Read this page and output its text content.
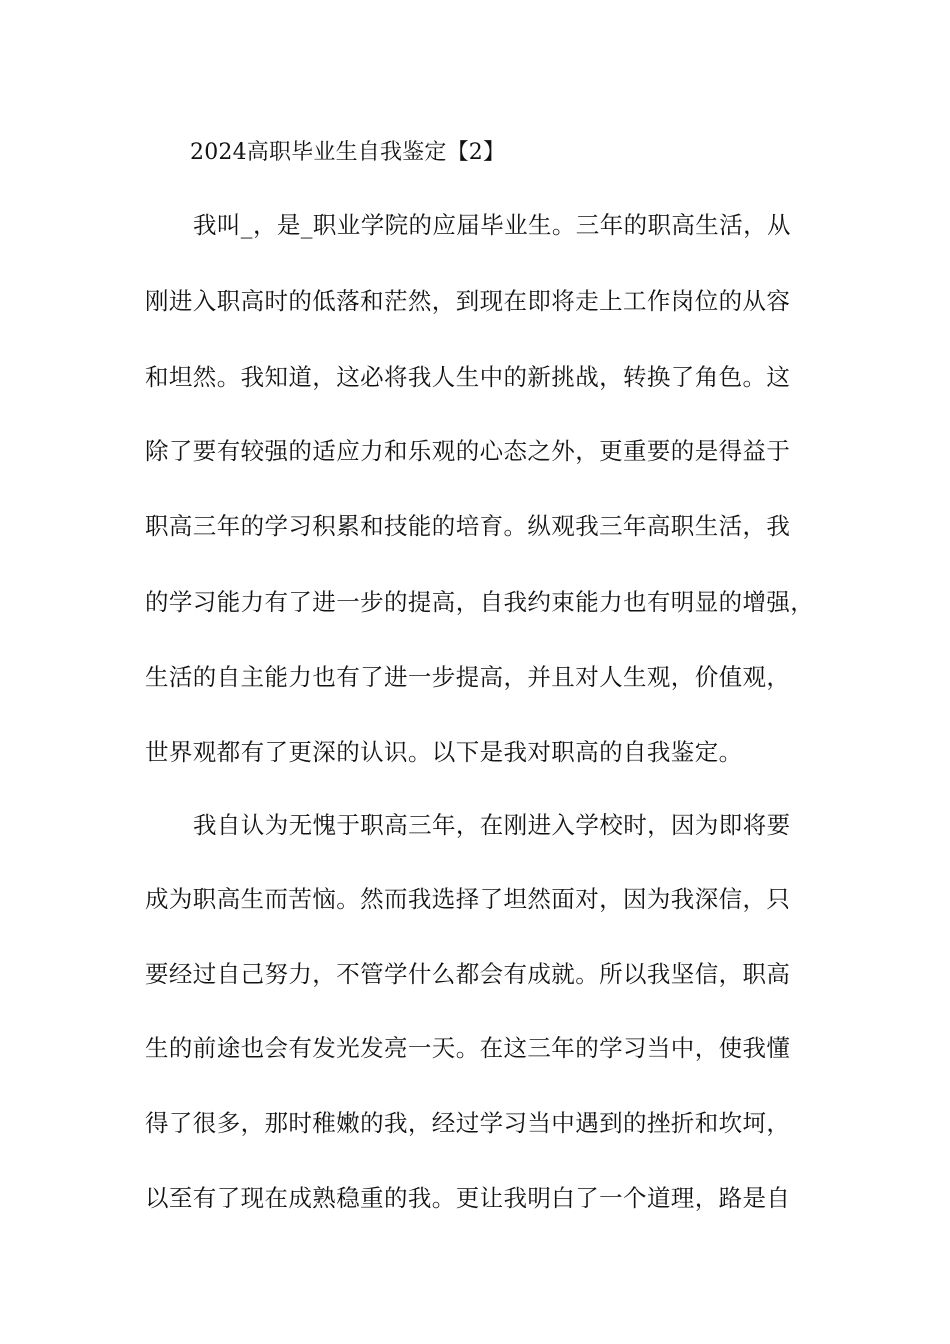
2024高职毕业生自我鉴定【2】
我叫_，是_职业学院的应届毕业生。三年的职高生活，从
刚进入职高时的低落和茫然，到现在即将走上工作岗位的从容
和坦然。我知道，这必将我人生中的新挑战，转换了角色。这
除了要有较强的适应力和乐观的心态之外，更重要的是得益于
职高三年的学习积累和技能的培育。纵观我三年高职生活，我
的学习能力有了进一步的提高，自我约束能力也有明显的增强，
生活的自主能力也有了进一步提高，并且对人生观，价值观，
世界观都有了更深的认识。以下是我对职高的自我鉴定。
我自认为无愧于职高三年，在刚进入学校时，因为即将要
成为职高生而苦恼。然而我选择了坦然面对，因为我深信，只
要经过自己努力，不管学什么都会有成就。所以我坚信，职高
生的前途也会有发光发亮一天。在这三年的学习当中，使我懂
得了很多，那时稚嫩的我，经过学习当中遇到的挫折和坎坷，
以至有了现在成熟稳重的我。更让我明白了一个道理，路是自
